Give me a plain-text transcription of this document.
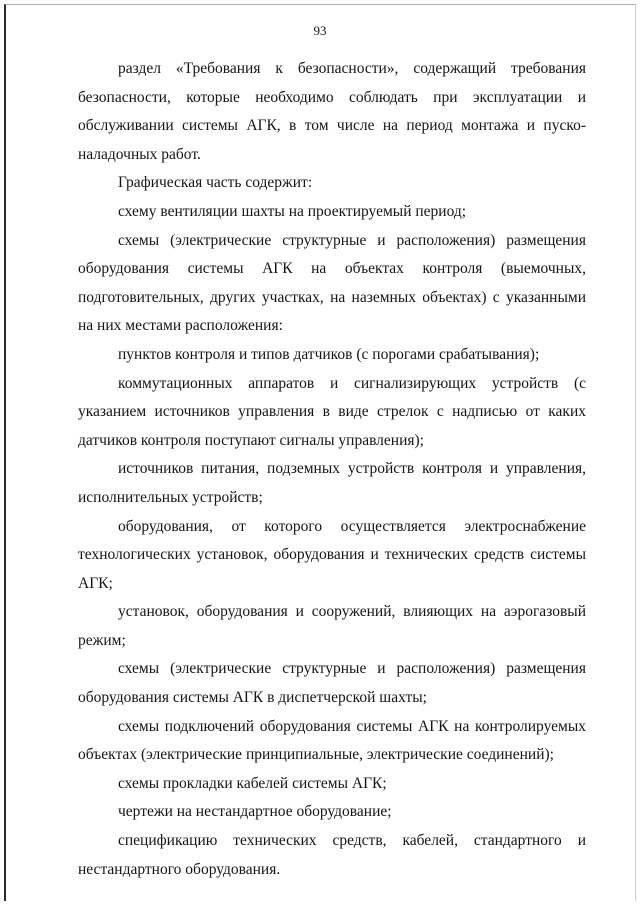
93

раздел «Требования к безопасности», содержащий требования безопасности, которые необходимо соблюдать при эксплуатации и обслуживании системы АГК, в том числе на период монтажа и пуско-наладочных работ.

Графическая часть содержит:

схему вентиляции шахты на проектируемый период;

схемы (электрические структурные и расположения) размещения оборудования системы АГК на объектах контроля (выемочных, подготовительных, других участках, на наземных объектах) с указанными на них местами расположения:

пунктов контроля и типов датчиков (с порогами срабатывания);

коммутационных аппаратов и сигнализирующих устройств (с указанием источников управления в виде стрелок с надписью от каких датчиков контроля поступают сигналы управления);

источников питания, подземных устройств контроля и управления, исполнительных устройств;

оборудования, от которого осуществляется электроснабжение технологических установок, оборудования и технических средств системы АГК;

установок, оборудования и сооружений, влияющих на аэрогазовый режим;

схемы (электрические структурные и расположения) размещения оборудования системы АГК в диспетчерской шахты;

схемы подключений оборудования системы АГК на контролируемых объектах (электрические принципиальные, электрические соединений);

схемы прокладки кабелей системы АГК;

чертежи на нестандартное оборудование;

спецификацию технических средств, кабелей, стандартного и нестандартного оборудования.
